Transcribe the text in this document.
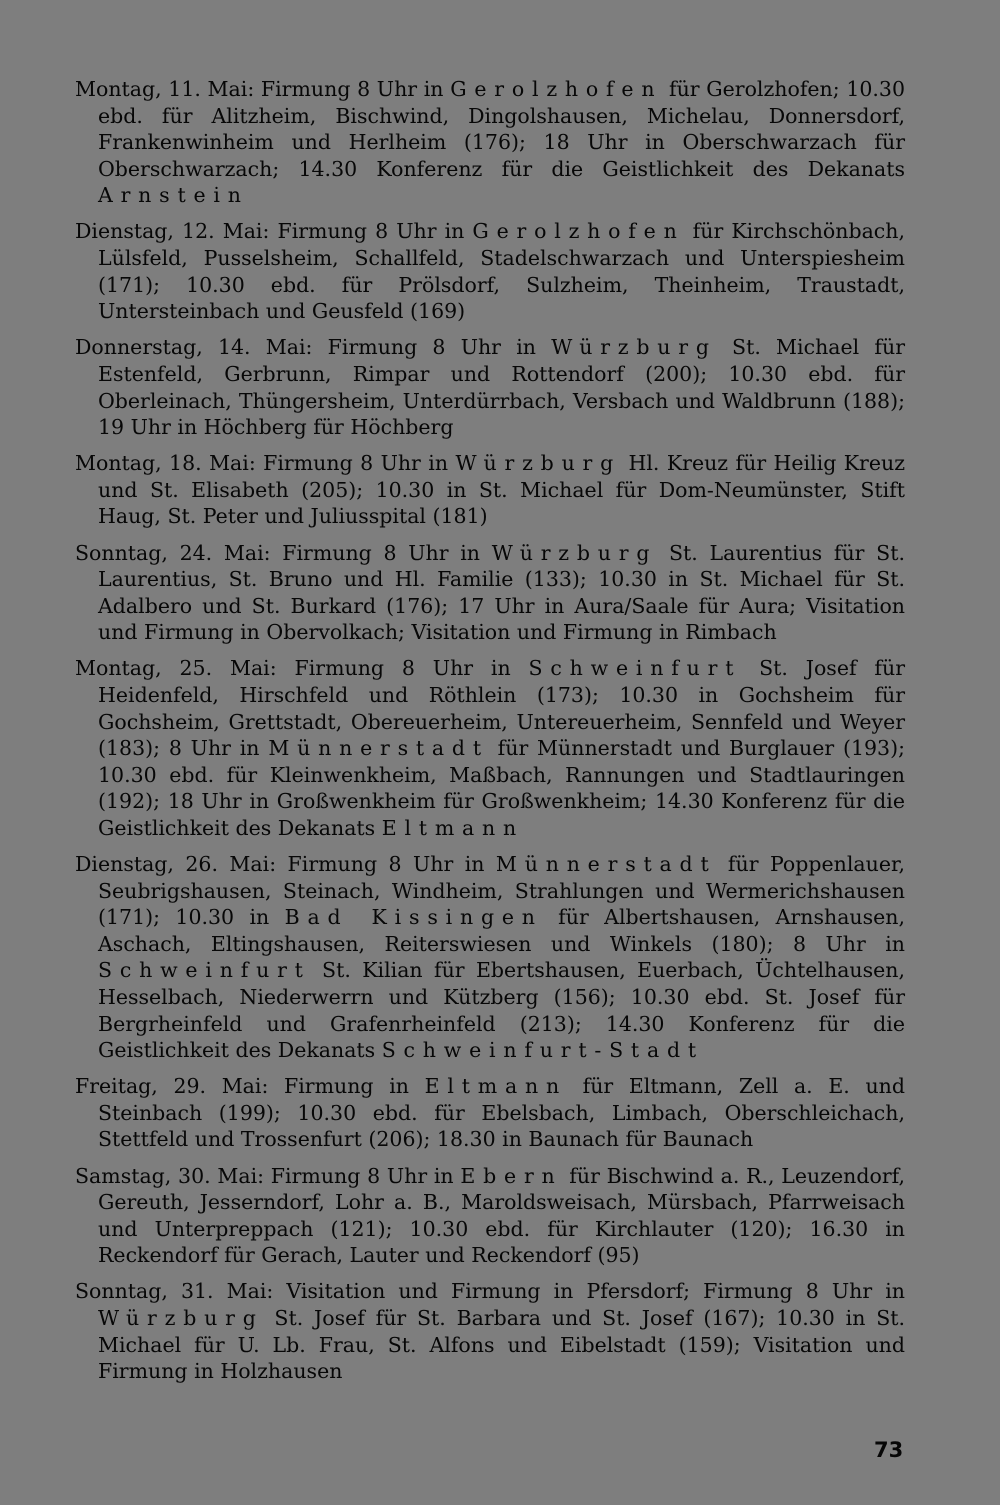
Montag, 11. Mai: Firmung 8 Uhr in Gerolzhofen für Gerolzhofen; 10.30 ebd. für Alitzheim, Bischwind, Dingolshausen, Michelau, Donnersdorf, Frankenwinheim und Herlheim (176); 18 Uhr in Oberschwarzach für Oberschwarzach; 14.30 Konferenz für die Geistlichkeit des Dekanats Arnstein

Dienstag, 12. Mai: Firmung 8 Uhr in Gerolzhofen für Kirchschönbach, Lülsfeld, Pusselsheim, Schallfeld, Stadelschwarzach und Unterspiesheim (171); 10.30 ebd. für Prölsdorf, Sulzheim, Theinheim, Traustadt, Untersteinbach und Geusfeld (169)

Donnerstag, 14. Mai: Firmung 8 Uhr in Würzburg St. Michael für Estenfeld, Gerbrunn, Rimpar und Rottendorf (200); 10.30 ebd. für Oberleinach, Thüngersheim, Unterdürrbach, Versbach und Waldbrunn (188); 19 Uhr in Höchberg für Höchberg

Montag, 18. Mai: Firmung 8 Uhr in Würzburg Hl. Kreuz für Heilig Kreuz und St. Elisabeth (205); 10.30 in St. Michael für Dom-Neumünster, Stift Haug, St. Peter und Juliusspital (181)

Sonntag, 24. Mai: Firmung 8 Uhr in Würzburg St. Laurentius für St. Laurentius, St. Bruno und Hl. Familie (133); 10.30 in St. Michael für St. Adalbero und St. Burkard (176); 17 Uhr in Aura/Saale für Aura; Visitation und Firmung in Obervolkach; Visitation und Firmung in Rimbach

Montag, 25. Mai: Firmung 8 Uhr in Schweinfurt St. Josef für Heidenfeld, Hirschfeld und Röthlein (173); 10.30 in Gochsheim für Gochsheim, Grettstadt, Obereuerheim, Untereuerheim, Sennfeld und Weyer (183); 8 Uhr in Münnerstadt für Münnerstadt und Burglauer (193); 10.30 ebd. für Kleinwenkheim, Maßbach, Rannungen und Stadtlauringen (192); 18 Uhr in Großwenkheim für Großwenkheim; 14.30 Konferenz für die Geistlichkeit des Dekanats Eltmann

Dienstag, 26. Mai: Firmung 8 Uhr in Münnerstadt für Poppenlauer, Seubrigshausen, Steinach, Windheim, Strahlungen und Wermerichshausen (171); 10.30 in Bad Kissingen für Albertshausen, Arnshausen, Aschach, Eltingshausen, Reiterswiesen und Winkels (180); 8 Uhr in Schweinfurt St. Kilian für Ebertshausen, Euerbach, Üchtelhausen, Hesselbach, Niederwerrn und Kützberg (156); 10.30 ebd. St. Josef für Bergrheinfeld und Grafenrheinfeld (213); 14.30 Konferenz für die Geistlichkeit des Dekanats Schweinfurt-Stadt

Freitag, 29. Mai: Firmung in Eltmann für Eltmann, Zell a. E. und Steinbach (199); 10.30 ebd. für Ebelsbach, Limbach, Oberschleichach, Stettfeld und Trossenfurt (206); 18.30 in Baunach für Baunach

Samstag, 30. Mai: Firmung 8 Uhr in Ebern für Bischwind a. R., Leuzendorf, Gereuth, Jesserndorf, Lohr a. B., Maroldsweisach, Mürsbach, Pfarrweisach und Unterpreppach (121); 10.30 ebd. für Kirchlauter (120); 16.30 in Reckendorf für Gerach, Lauter und Reckendorf (95)

Sonntag, 31. Mai: Visitation und Firmung in Pfersdorf; Firmung 8 Uhr in Würzburg St. Josef für St. Barbara und St. Josef (167); 10.30 in St. Michael für U. Lb. Frau, St. Alfons und Eibelstadt (159); Visitation und Firmung in Holzhausen

73
